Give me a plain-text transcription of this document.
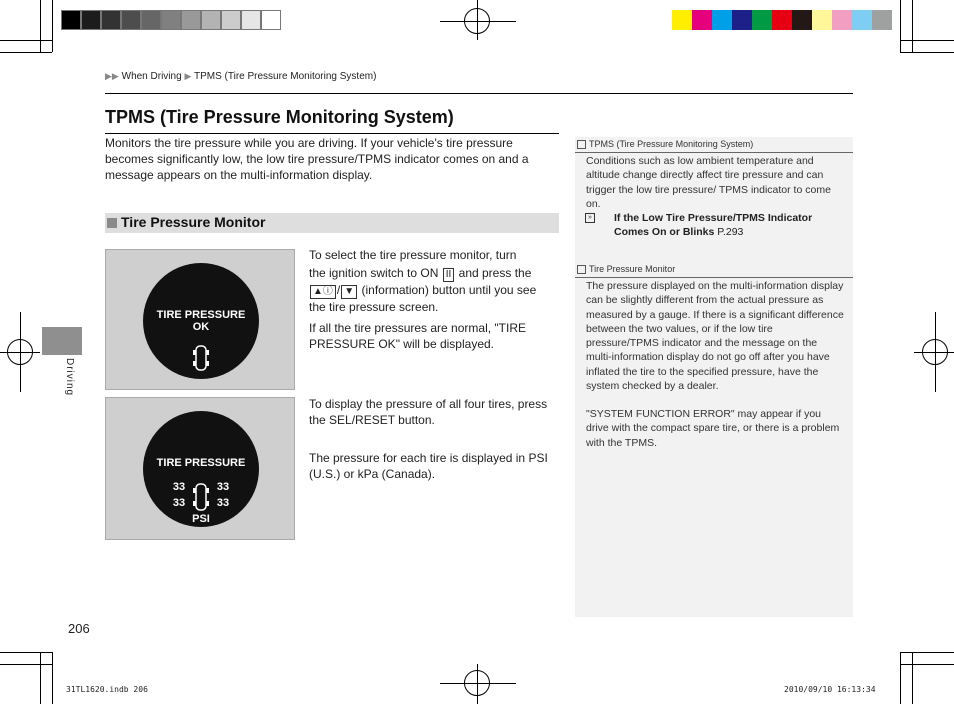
▶▶ When Driving ▶ TPMS (Tire Pressure Monitoring System)
TPMS (Tire Pressure Monitoring System)
Monitors the tire pressure while you are driving. If your vehicle's tire pressure becomes significantly low, the low tire pressure/TPMS indicator comes on and a message appears on the multi-information display.
Tire Pressure Monitor
TIRE PRESSURE
OK
TIRE PRESSURE
33	33
33	33
PSI
To select the tire pressure monitor, turn
the ignition switch to ON II and press the ▲ⓘ / ▼ (information) button until you see the tire pressure screen.
If all the tire pressures are normal, "TIRE PRESSURE OK" will be displayed.
To display the pressure of all four tires, press the SEL/RESET button.
The pressure for each tire is displayed in PSI (U.S.) or kPa (Canada).
TPMS (Tire Pressure Monitoring System)
Conditions such as low ambient temperature and altitude change directly affect tire pressure and can trigger the low tire pressure/ TPMS indicator to come on.
» If the Low Tire Pressure/TPMS Indicator Comes On or Blinks P.293
Tire Pressure Monitor
The pressure displayed on the multi-information display can be slightly different from the actual pressure as measured by a gauge. If there is a significant difference between the two values, or if the low tire pressure/TPMS indicator and the message on the multi-information display do not go off after you have inflated the tire to the specified pressure, have the system checked by a dealer.
"SYSTEM FUNCTION ERROR" may appear if you drive with the compact spare tire, or there is a problem with the TPMS.
Driving
206
31TL1620.indb 206	2010/09/10 16:13:34
